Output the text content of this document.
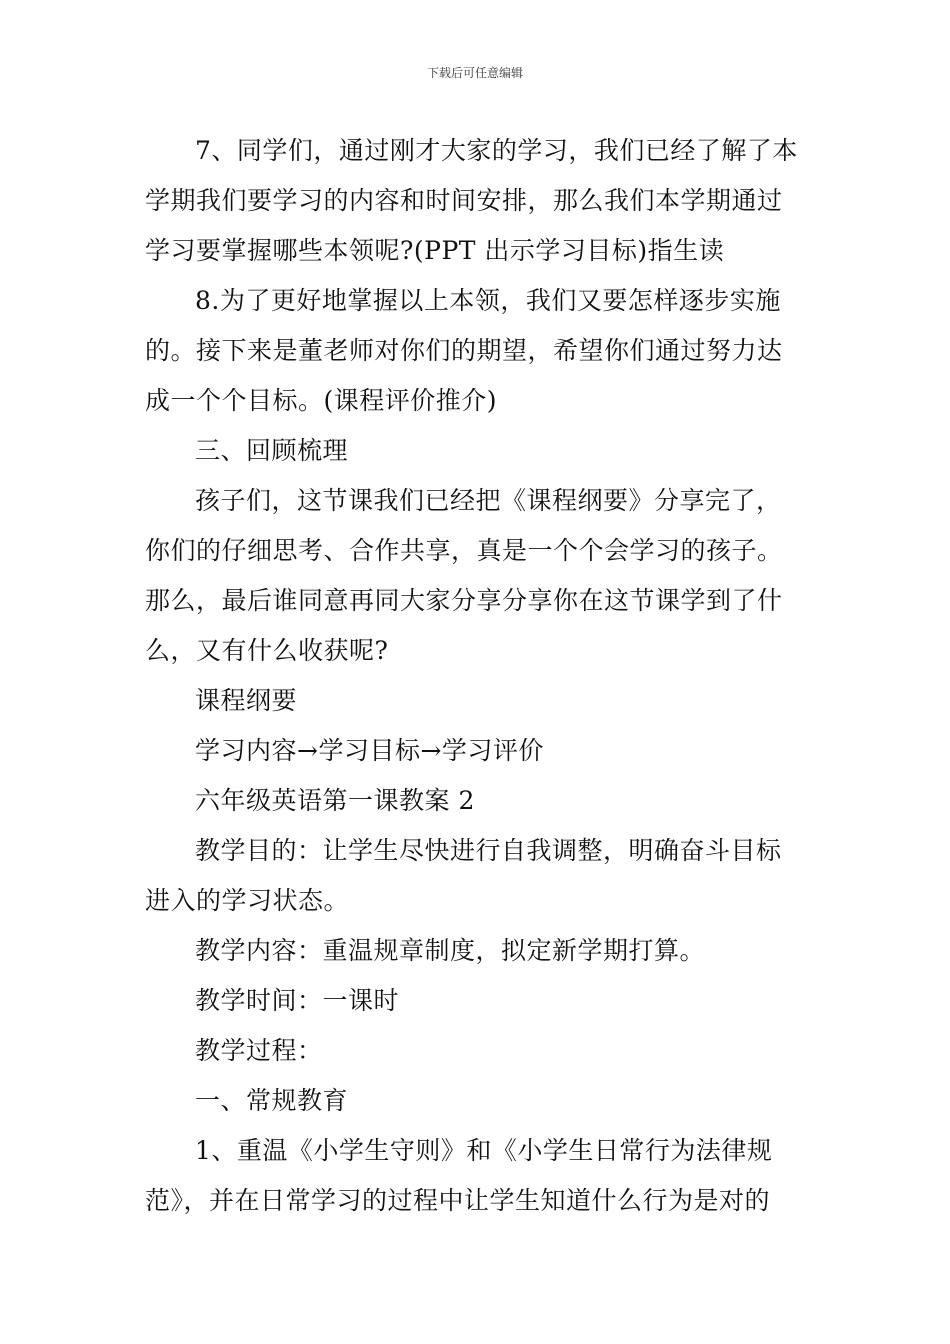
下载后可任意编辑

7、同学们，通过刚才大家的学习，我们已经了解了本
学期我们要学习的内容和时间安排，那么我们本学期通过
学习要掌握哪些本领呢?(PPT 出示学习目标)指生读

8.为了更好地掌握以上本领，我们又要怎样逐步实施
的。接下来是董老师对你们的期望，希望你们通过努力达
成一个个目标。(课程评价推介)

三、回顾梳理

孩子们，这节课我们已经把《课程纲要》分享完了，
你们的仔细思考、合作共享，真是一个个会学习的孩子。
那么，最后谁同意再同大家分享分享你在这节课学到了什
么，又有什么收获呢?

课程纲要

学习内容→学习目标→学习评价

六年级英语第一课教案 2

教学目的：让学生尽快进行自我调整，明确奋斗目标
进入的学习状态。

教学内容：重温规章制度，拟定新学期打算。

教学时间：一课时

教学过程：

一、常规教育

1、重温《小学生守则》和《小学生日常行为法律规
范》，并在日常学习的过程中让学生知道什么行为是对的
